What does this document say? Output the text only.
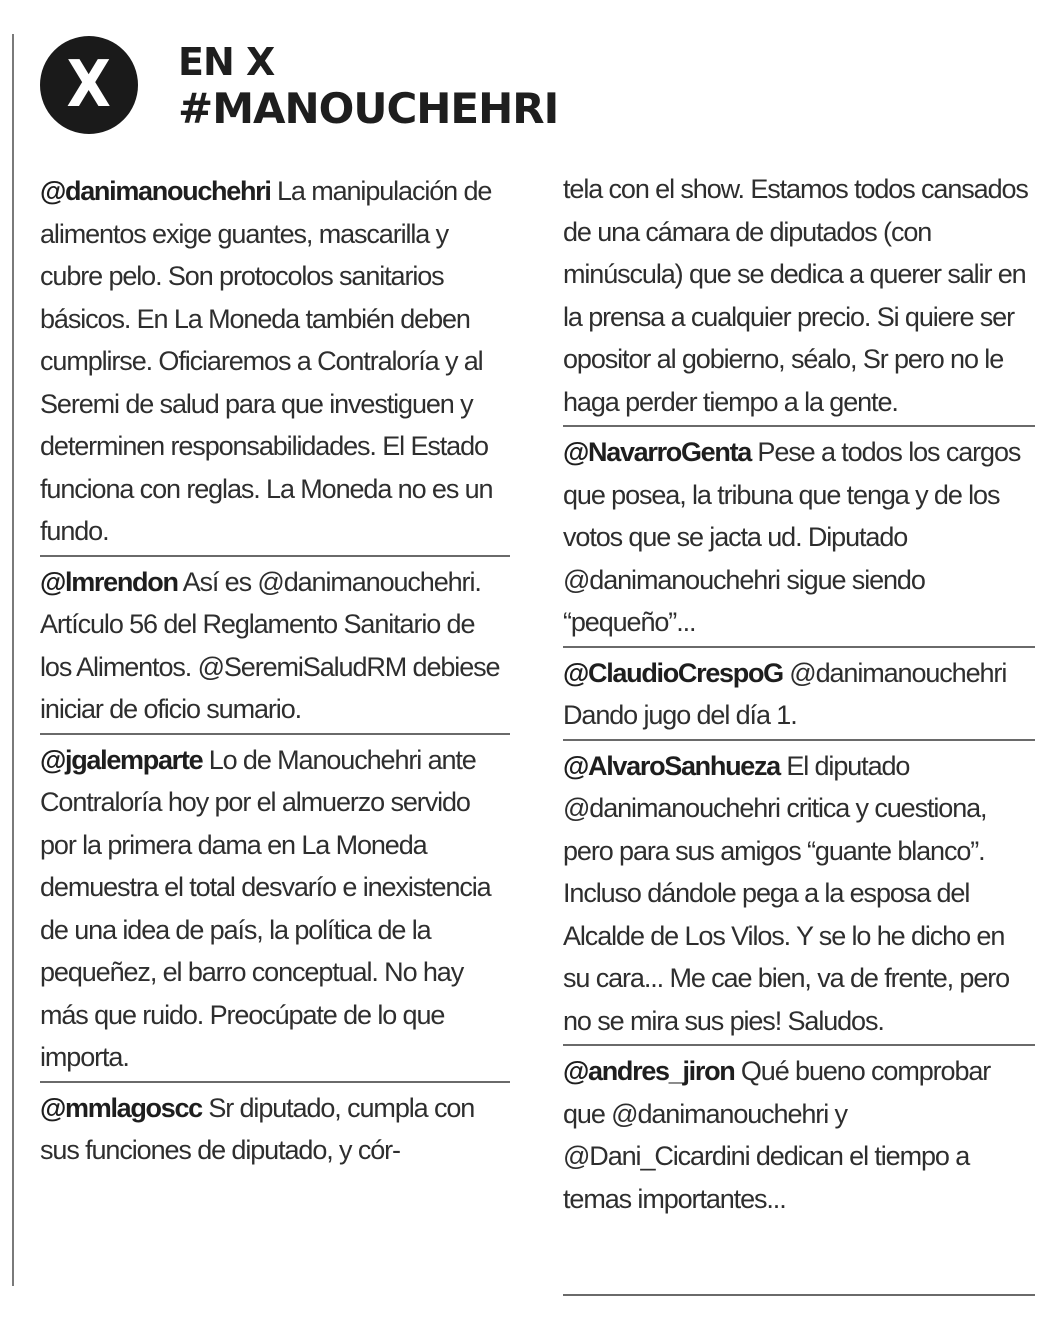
X EN X
#MANOUCHEHRI
@danimanouchehri La manipulación de alimentos exige guantes, mascarilla y cubre pelo. Son protocolos sanitarios básicos. En La Moneda también deben cumplirse. Oficiaremos a Contraloría y al Seremi de salud para que investiguen y determinen responsabilidades. El Estado funciona con reglas. La Moneda no es un fundo.
@lmrendon Así es @danimanouchehri. Artículo 56 del Reglamento Sanitario de los Alimentos. @SeremiSaludRM debiese iniciar de oficio sumario.
@jgalemparte Lo de Manouchehri ante Contraloría hoy por el almuerzo servido por la primera dama en La Moneda demuestra el total desvarío e inexistencia de una idea de país, la política de la pequeñez, el barro conceptual. No hay más que ruido. Preocúpate de lo que importa.
@mmlagoscc Sr diputado, cumpla con sus funciones de diputado, y cór-
tela con el show. Estamos todos cansados de una cámara de diputados (con minúscula) que se dedica a querer salir en la prensa a cualquier precio. Si quiere ser opositor al gobierno, séalo, Sr pero no le haga perder tiempo a la gente.
@NavarroGenta Pese a todos los cargos que posea, la tribuna que tenga y de los votos que se jacta ud. Diputado @danimanouchehri sigue siendo “pequeño”...
@ClaudioCrespoG @danimanouchehri Dando jugo del día 1.
@AlvaroSanhueza El diputado @danimanouchehri critica y cuestiona, pero para sus amigos “guante blanco”. Incluso dándole pega a la esposa del Alcalde de Los Vilos. Y se lo he dicho en su cara... Me cae bien, va de frente, pero no se mira sus pies! Saludos.
@andres_jiron Qué bueno comprobar que @danimanouchehri y @Dani_Cicardini dedican el tiempo a temas importantes...
